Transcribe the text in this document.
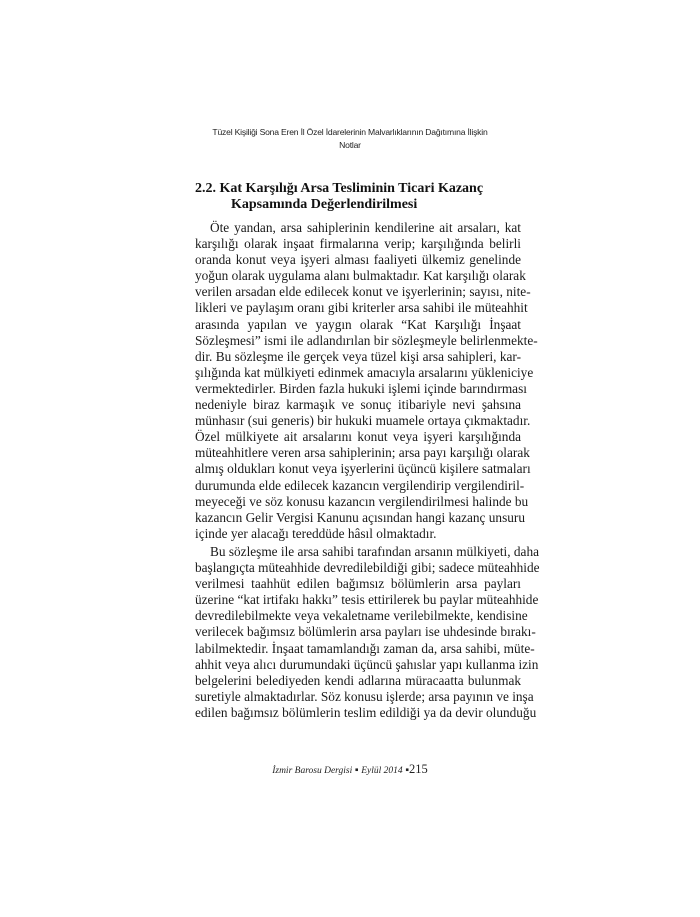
Tüzel Kişiliği Sona Eren İl Özel İdarelerinin Malvarlıklarının Dağıtımına İlişkin
Notlar
2.2. Kat Karşılığı Arsa Tesliminin Ticari Kazanç
Kapsamında Değerlendirilmesi
Öte yandan, arsa sahiplerinin kendilerine ait arsaları, kat
karşılığı olarak inşaat firmalarına verip; karşılığında belirli
oranda konut veya işyeri alması faaliyeti ülkemiz genelinde
yoğun olarak uygulama alanı bulmaktadır. Kat karşılığı olarak
verilen arsadan elde edilecek konut ve işyerlerinin; sayısı, nite-
likleri ve paylaşım oranı gibi kriterler arsa sahibi ile müteahhit
arasında yapılan ve yaygın olarak “Kat Karşılığı İnşaat
Sözleşmesi” ismi ile adlandırılan bir sözleşmeyle belirlenmekte-
dir. Bu sözleşme ile gerçek veya tüzel kişi arsa sahipleri, kar-
şılığında kat mülkiyeti edinmek amacıyla arsalarını yükleniciye
vermektedirler. Birden fazla hukuki işlemi içinde barındırması
nedeniyle biraz karmaşık ve sonuç itibariyle nevi şahsına
münhasır (sui generis) bir hukuki muamele ortaya çıkmaktadır.
Özel mülkiyete ait arsalarını konut veya işyeri karşılığında
müteahhitlere veren arsa sahiplerinin; arsa payı karşılığı olarak
almış oldukları konut veya işyerlerini üçüncü kişilere satmaları
durumunda elde edilecek kazancın vergilendirip vergilendiril-
meyeceği ve söz konusu kazancın vergilendirilmesi halinde bu
kazancın Gelir Vergisi Kanunu açısından hangi kazanç unsuru
içinde yer alacağı tereddüde hâsıl olmaktadır.
Bu sözleşme ile arsa sahibi tarafından arsanın mülkiyeti, daha
başlangıçta müteahhide devredilebildiği gibi; sadece müteahhide
verilmesi taahhüt edilen bağımsız bölümlerin arsa payları
üzerine “kat irtifakı hakkı” tesis ettirilerek bu paylar müteahhide
devredilebilmekte veya vekaletname verilebilmekte, kendisine
verilecek bağımsız bölümlerin arsa payları ise uhdesinde bırakı-
labilmektedir. İnşaat tamamlandığı zaman da, arsa sahibi, müte-
ahhit veya alıcı durumundaki üçüncü şahıslar yapı kullanma izin
belgelerini belediyeden kendi adlarına müracaatta bulunmak
suretiyle almaktadırlar. Söz konusu işlerde; arsa payının ve inşa
edilen bağımsız bölümlerin teslim edildiği ya da devir olunduğu
İzmir Barosu Dergisi ▪ Eylül 2014 ▪215
